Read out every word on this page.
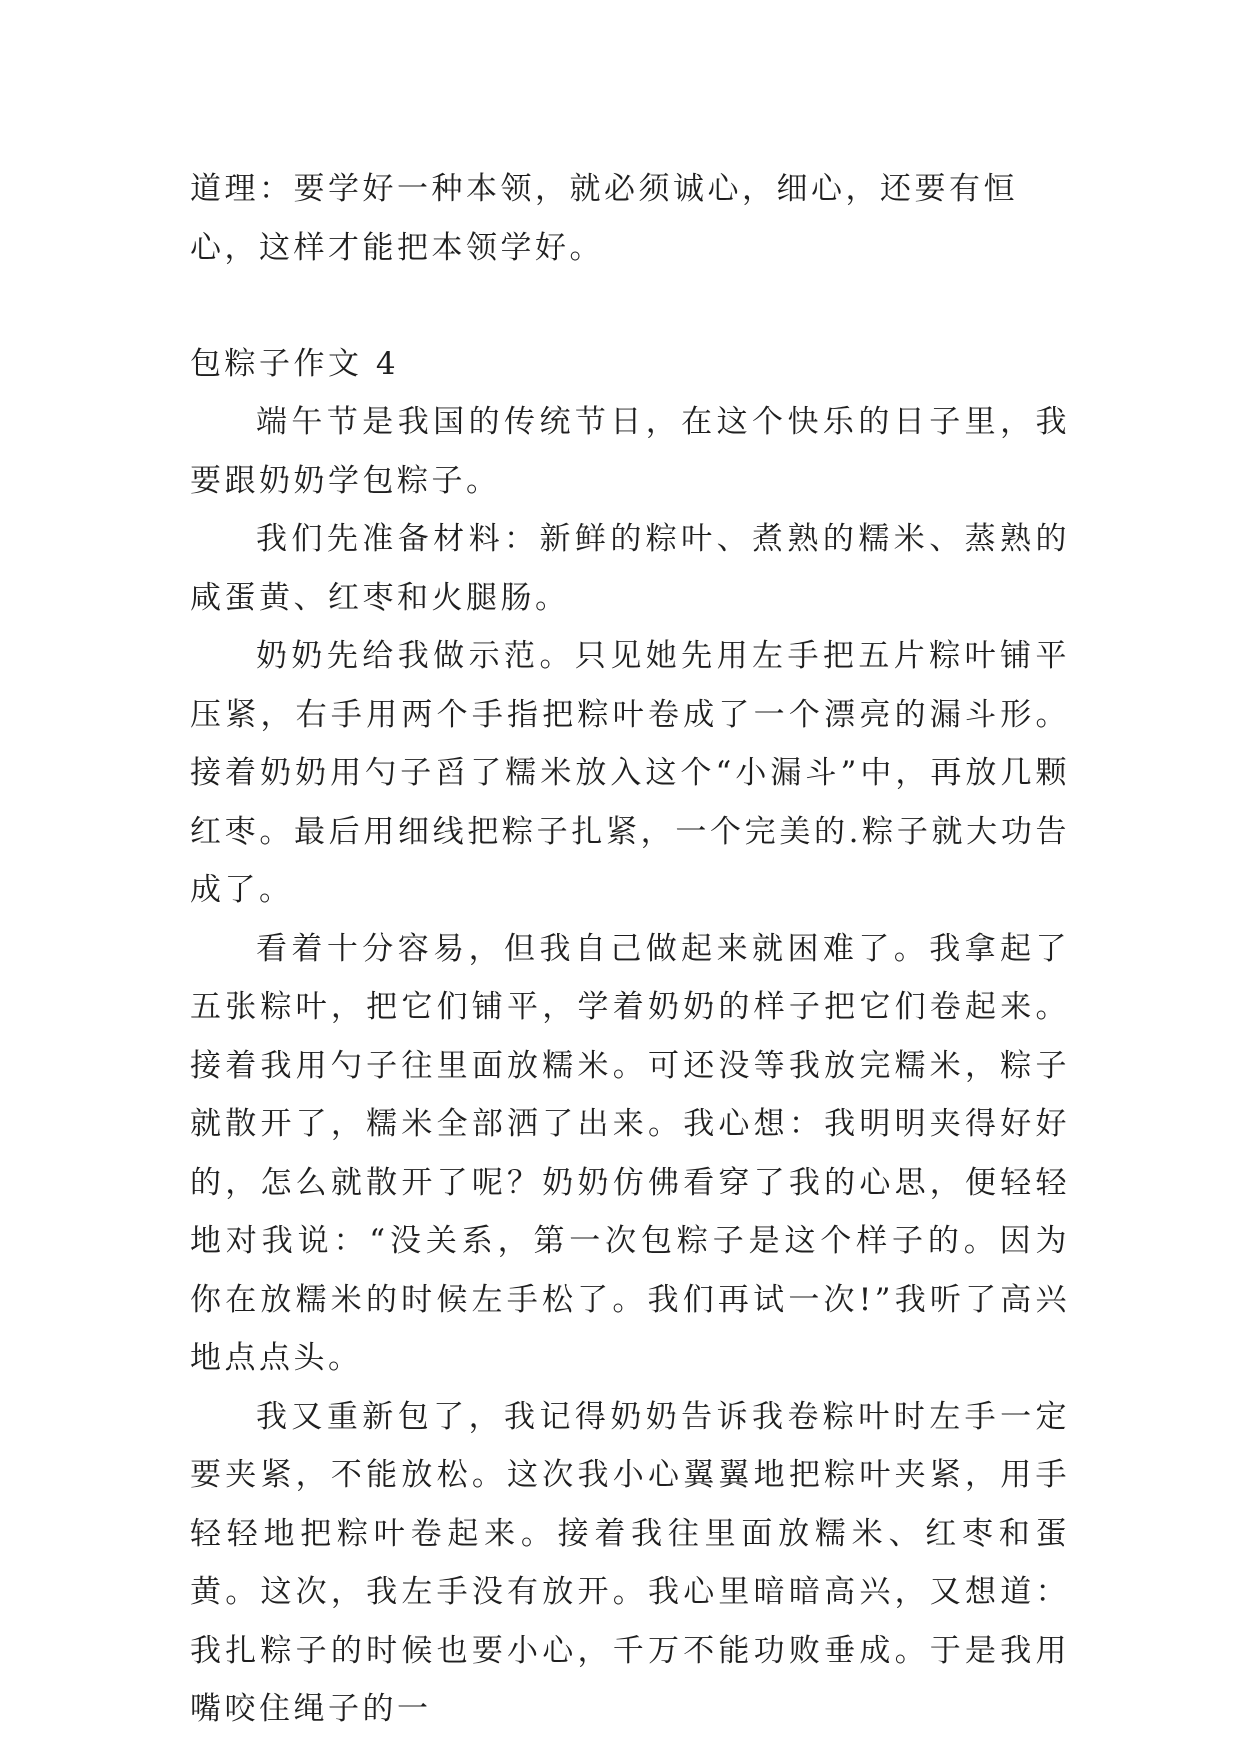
道理：要学好一种本领，就必须诚心，细心，还要有恒心，这样才能把本领学好。
包粽子作文 4

端午节是我国的传统节日，在这个快乐的日子里，我要跟奶奶学包粽子。

我们先准备材料：新鲜的粽叶、煮熟的糯米、蒸熟的咸蛋黄、红枣和火腿肠。

奶奶先给我做示范。只见她先用左手把五片粽叶铺平压紧，右手用两个手指把粽叶卷成了一个漂亮的漏斗形。接着奶奶用勺子舀了糯米放入这个“小漏斗”中，再放几颗红枣。最后用细线把粽子扎紧，一个完美的.粽子就大功告成了。

看着十分容易，但我自己做起来就困难了。我拿起了五张粽叶，把它们铺平，学着奶奶的样子把它们卷起来。接着我用勺子往里面放糯米。可还没等我放完糯米，粽子就散开了，糯米全部洒了出来。我心想：我明明夹得好好的，怎么就散开了呢？奶奶仿佛看穿了我的心思，便轻轻地对我说：“没关系，第一次包粽子是这个样子的。因为你在放糯米的时候左手松了。我们再试一次!”我听了高兴地点点头。

我又重新包了，我记得奶奶告诉我卷粽叶时左手一定要夹紧，不能放松。这次我小心翼翼地把粽叶夹紧，用手轻轻地把粽叶卷起来。接着我往里面放糯米、红枣和蛋黄。这次，我左手没有放开。我心里暗暗高兴，又想道：我扎粽子的时候也要小心，千万不能功败垂成。于是我用嘴咬住绳子的一
